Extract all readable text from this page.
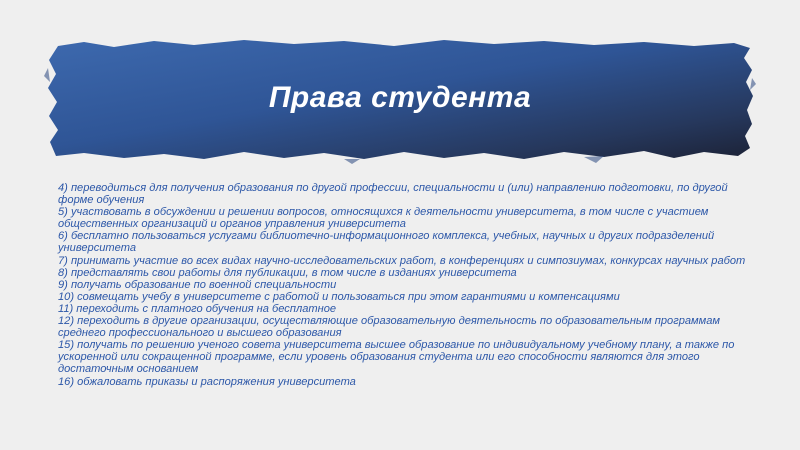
Права студента

4) переводиться для получения образования по другой профессии, специальности и (или) направлению подготовки, по другой форме обучения

5) участвовать в обсуждении и решении вопросов, относящихся к деятельности университета, в том числе с участием общественных организаций и органов управления университета

6) бесплатно пользоваться услугами библиотечно-информационного комплекса, учебных, научных и других подразделений университета

7) принимать участие во всех видах научно-исследовательских работ, в конференциях и симпозиумах, конкурсах научных работ

8) представлять свои работы для публикации, в том числе в изданиях университета

9) получать образование по военной специальности

10) совмещать учебу в университете с работой и пользоваться при этом гарантиями и компенсациями

11) переходить с платного обучения на бесплатное

12) переходить в другие организации, осуществляющие образовательную деятельность по образовательным программам среднего профессионального и высшего образования

15) получать по решению ученого совета университета высшее образование по индивидуальному учебному плану, а также по ускоренной или сокращенной программе, если уровень образования студента или его способности являются для этого достаточным основанием

16) обжаловать приказы и распоряжения университета
